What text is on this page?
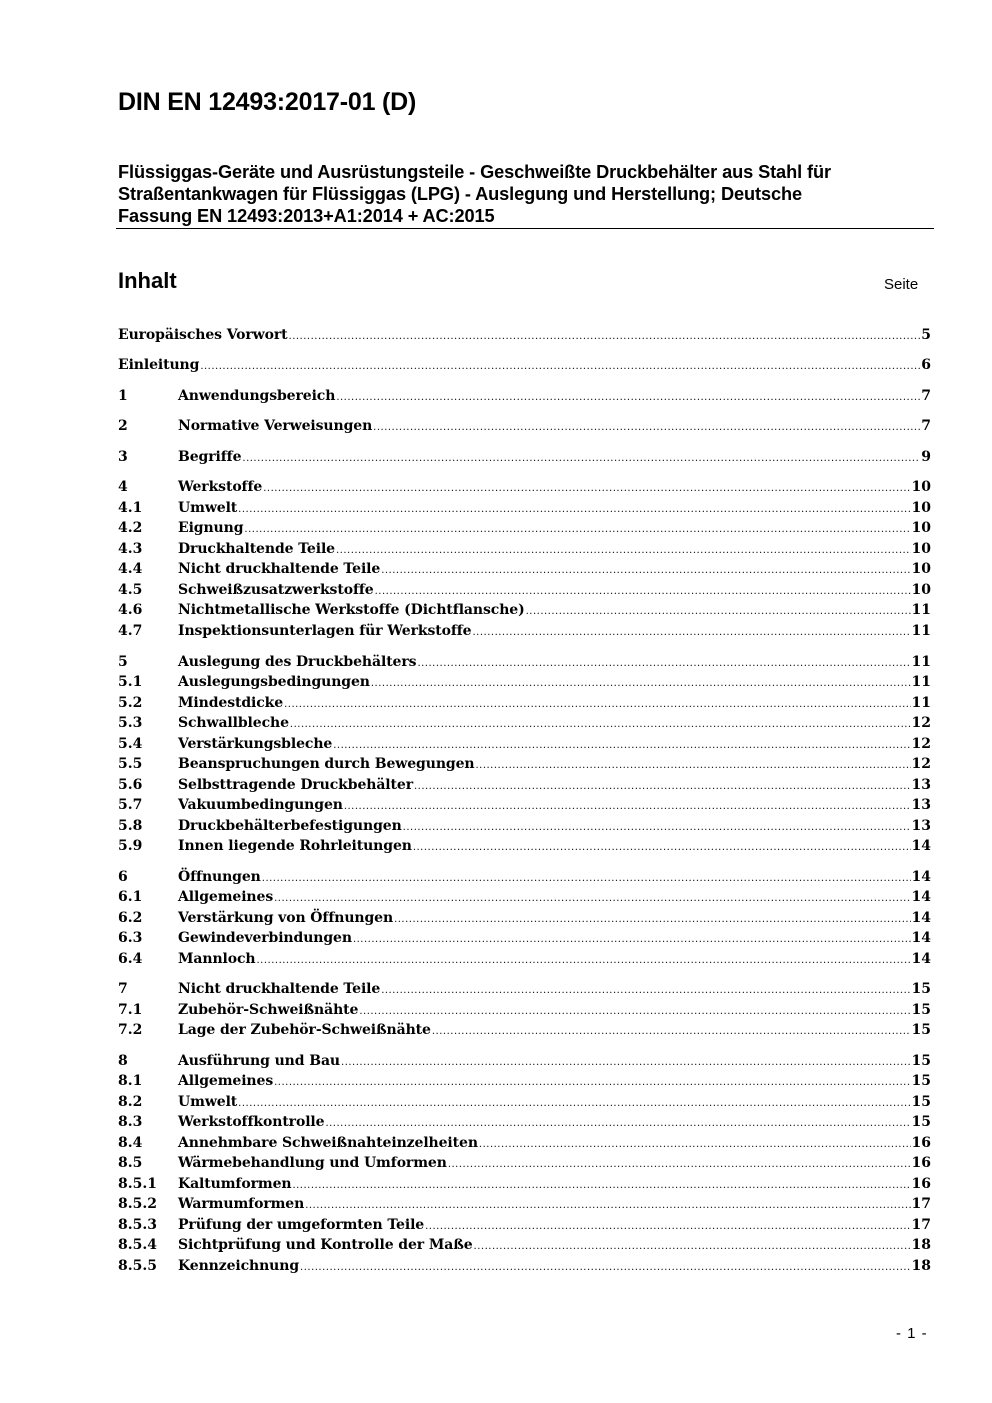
DIN EN 12493:2017-01 (D)
Flüssiggas-Geräte und Ausrüstungsteile - Geschweißte Druckbehälter aus Stahl für
Straßentankwagen für Flüssiggas (LPG) - Auslegung und Herstellung; Deutsche
Fassung EN 12493:2013+A1:2014 + AC:2015
Inhalt	Seite
Europäisches Vorwort .....	5
Einleitung .....	6
1	Anwendungsbereich .....	7
2	Normative Verweisungen .....	7
3	Begriffe .....	9
4	Werkstoffe .....	10
4.1	Umwelt .....	10
4.2	Eignung .....	10
4.3	Druckhaltende Teile .....	10
4.4	Nicht druckhaltende Teile .....	10
4.5	Schweißzusatzwerkstoffe .....	10
4.6	Nichtmetallische Werkstoffe (Dichtflansche) .....	11
4.7	Inspektionsunterlagen für Werkstoffe .....	11
5	Auslegung des Druckbehälters .....	11
5.1	Auslegungsbedingungen .....	11
5.2	Mindestdicke .....	11
5.3	Schwallbleche .....	12
5.4	Verstärkungsbleche .....	12
5.5	Beanspruchungen durch Bewegungen .....	12
5.6	Selbsttragende Druckbehälter .....	13
5.7	Vakuumbedingungen .....	13
5.8	Druckbehälterbefestigungen .....	13
5.9	Innen liegende Rohrleitungen .....	14
6	Öffnungen .....	14
6.1	Allgemeines .....	14
6.2	Verstärkung von Öffnungen .....	14
6.3	Gewindeverbindungen .....	14
6.4	Mannloch .....	14
7	Nicht druckhaltende Teile .....	15
7.1	Zubehör-Schweißnähte .....	15
7.2	Lage der Zubehör-Schweißnähte .....	15
8	Ausführung und Bau .....	15
8.1	Allgemeines .....	15
8.2	Umwelt .....	15
8.3	Werkstoffkontrolle .....	15
8.4	Annehmbare Schweißnahteinzelheiten .....	16
8.5	Wärmebehandlung und Umformen .....	16
8.5.1	Kaltumformen .....	16
8.5.2	Warmumformen .....	17
8.5.3	Prüfung der umgeformten Teile .....	17
8.5.4	Sichtprüfung und Kontrolle der Maße .....	18
8.5.5	Kennzeichnung .....	18
- 1 -
